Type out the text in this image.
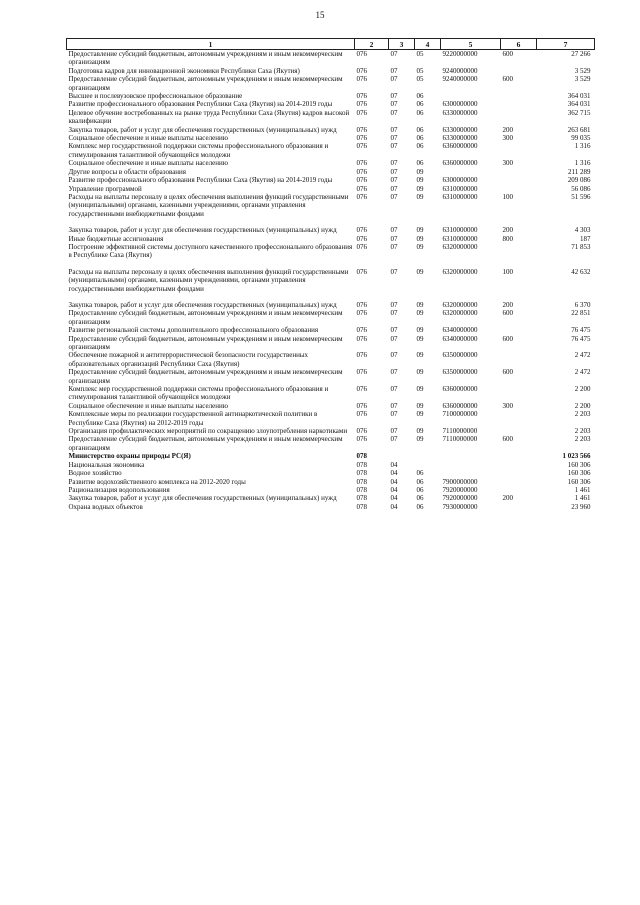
15
1	2	3	4	5	6	7
Предоставление субсидий бюджетным, автономным учреждениям и иным некоммерческим организациям	076	07	05	9220000000	600	27 266
Подготовка кадров для инновационной экономики Республики Саха (Якутия)	076	07	05	9240000000		3 529
Предоставление субсидий бюджетным, автономным учреждениям и иным некоммерческим организациям	076	07	05	9240000000	600	3 529
Высшее и послевузовское профессиональное образование	076	07	06			364 031
Развитие профессионального образования Республики Саха (Якутия) на 2014-2019 годы	076	07	06	6300000000		364 031
Целевое обучение востребованных на рынке труда Республики Саха (Якутия) кадров высокой квалификации	076	07	06	6330000000		362 715
Закупка товаров, работ и услуг для обеспечения государственных (муниципальных) нужд	076	07	06	6330000000	200	263 681
Социальное обеспечение и иные выплаты населению	076	07	06	6330000000	300	99 035
Комплекс мер государственной поддержки системы профессионального образования и стимулирования талантливой обучающейся молодежи	076	07	06	6360000000		1 316
Социальное обеспечение и иные выплаты населению	076	07	06	6360000000	300	1 316
Другие вопросы в области образования	076	07	09			211 289
Развитие профессионального образования Республики Саха (Якутия) на 2014-2019 годы	076	07	09	6300000000		209 086
Управление программой	076	07	09	6310000000		56 086
Расходы на выплаты персоналу в целях обеспечения выполнения функций государственными (муниципальными) органами, казенными учреждениями, органами управления государственными внебюджетными фондами	076	07	09	6310000000	100	51 596

Закупка товаров, работ и услуг для обеспечения государственных (муниципальных) нужд	076	07	09	6310000000	200	4 303
Иные бюджетные ассигнования	076	07	09	6310000000	800	187
Построение эффективной системы доступного качественного профессионального образования в Республике Саха (Якутия)	076	07	09	6320000000		71 853

Расходы на выплаты персоналу в целях обеспечения выполнения функций государственными (муниципальными) органами, казенными учреждениями, органами управления государственными внебюджетными фондами	076	07	09	6320000000	100	42 632

Закупка товаров, работ и услуг для обеспечения государственных (муниципальных) нужд	076	07	09	6320000000	200	6 370
Предоставление субсидий бюджетным, автономным учреждениям и иным некоммерческим организациям	076	07	09	6320000000	600	22 851
Развитие региональной системы дополнительного профессионального образования	076	07	09	6340000000		76 475
Предоставление субсидий бюджетным, автономным учреждениям и иным некоммерческим организациям	076	07	09	6340000000	600	76 475
Обеспечение пожарной и антитеррористической безопасности государственных образовательных организаций Республики Саха (Якутия)	076	07	09	6350000000		2 472
Предоставление субсидий бюджетным, автономным учреждениям и иным некоммерческим организациям	076	07	09	6350000000	600	2 472
Комплекс мер государственной поддержки системы профессионального образования и стимулирования талантливой обучающейся молодежи	076	07	09	6360000000		2 200
Социальное обеспечение и иные выплаты населению	076	07	09	6360000000	300	2 200
Комплексные меры по реализации государственной антинаркотической политики в Республике Саха (Якутия) на 2012-2019 годы	076	07	09	7100000000		2 203
Организация профилактических мероприятий по сокращению злоупотребления наркотиками	076	07	09	7110000000		2 203
Предоставление субсидий бюджетным, автономным учреждениям и иным некоммерческим организациям	076	07	09	7110000000	600	2 203
Министерство охраны природы РС(Я)	078					1 023 566
Национальная экономика	078	04				160 306
Водное хозяйство	078	04	06			160 306
Развитие водохозяйственного комплекса на 2012-2020 годы	078	04	06	7900000000		160 306
Рационализация водопользования	078	04	06	7920000000		1 461
Закупка товаров, работ и услуг для обеспечения государственных (муниципальных) нужд	078	04	06	7920000000	200	1 461
Охрана водных объектов	078	04	06	7930000000		23 960
